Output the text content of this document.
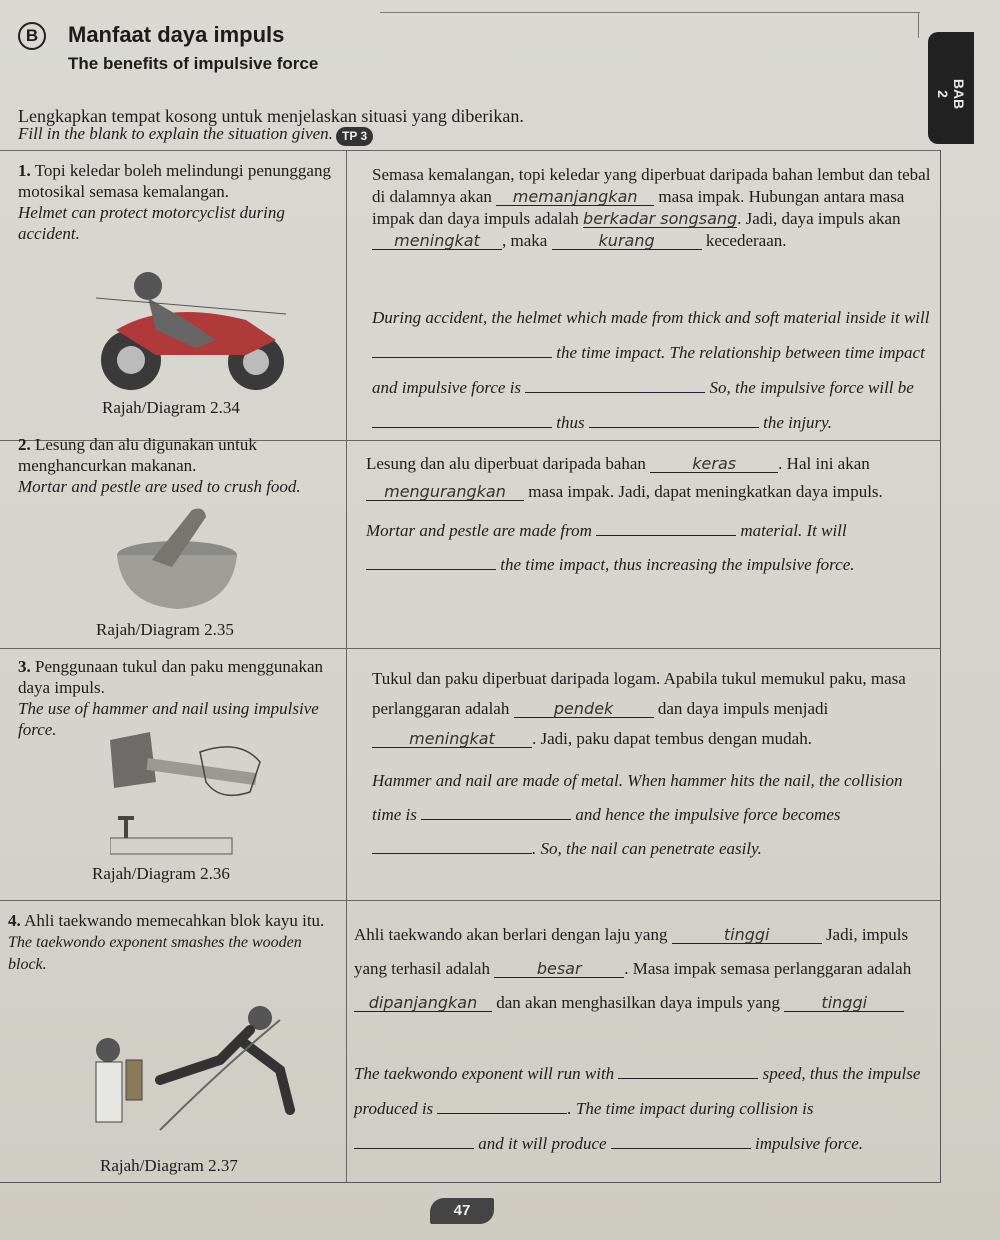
B	Manfaat daya impuls
The benefits of impulsive force
BAB 2
Lengkapkan tempat kosong untuk menjelaskan situasi yang diberikan.
Fill in the blank to explain the situation given. TP 3
1. Topi keledar boleh melindungi penunggang motosikal semasa kemalangan.
Helmet can protect motorcyclist during accident.
Rajah/Diagram 2.34
Semasa kemalangan, topi keledar yang diperbuat daripada bahan lembut dan tebal di dalamnya akan memanjangkan masa impak. Hubungan antara masa impak dan daya impuls adalah berkadar songsang. Jadi, daya impuls akan meningkat , maka	kurang	kecederaan.
During accident, the helmet which made from thick and soft material inside it will  the time impact. The relationship between time impact and impulsive force is	So, the impulsive force will be  thus	the injury.
2. Lesung dan alu digunakan untuk menghancurkan makanan.
Mortar and pestle are used to crush food.
Rajah/Diagram 2.35
Lesung dan alu diperbuat daripada bahan	keras . Hal ini akan mengurangkan masa impak. Jadi, dapat meningkatkan daya impuls.
Mortar and pestle are made from	material. It will  the time impact, thus increasing the impulsive force.
3. Penggunaan tukul dan paku menggunakan daya impuls.
The use of hammer and nail using impulsive force.
Rajah/Diagram 2.36
Tukul dan paku diperbuat daripada logam. Apabila tukul memukul paku, masa perlanggaran adalah	pendek	dan daya impuls menjadi meningkat . Jadi, paku dapat tembus dengan mudah.
Hammer and nail are made of metal. When hammer hits the nail, the collision time is	and hence the impulsive force becomes . So, the nail can penetrate easily.
4. Ahli taekwando memecahkan blok kayu itu.
The taekwondo exponent smashes the wooden block.
Rajah/Diagram 2.37
Ahli taekwando akan berlari dengan laju yang	tinggi	Jadi, impuls yang terhasil adalah	besar	. Masa impak semasa perlanggaran adalah dipanjangkan dan akan menghasilkan daya impuls yang	tinggi
The taekwondo exponent will run with	speed, thus the impulse produced is	. The time impact during collision is  and it will produce	impulsive force.
47
